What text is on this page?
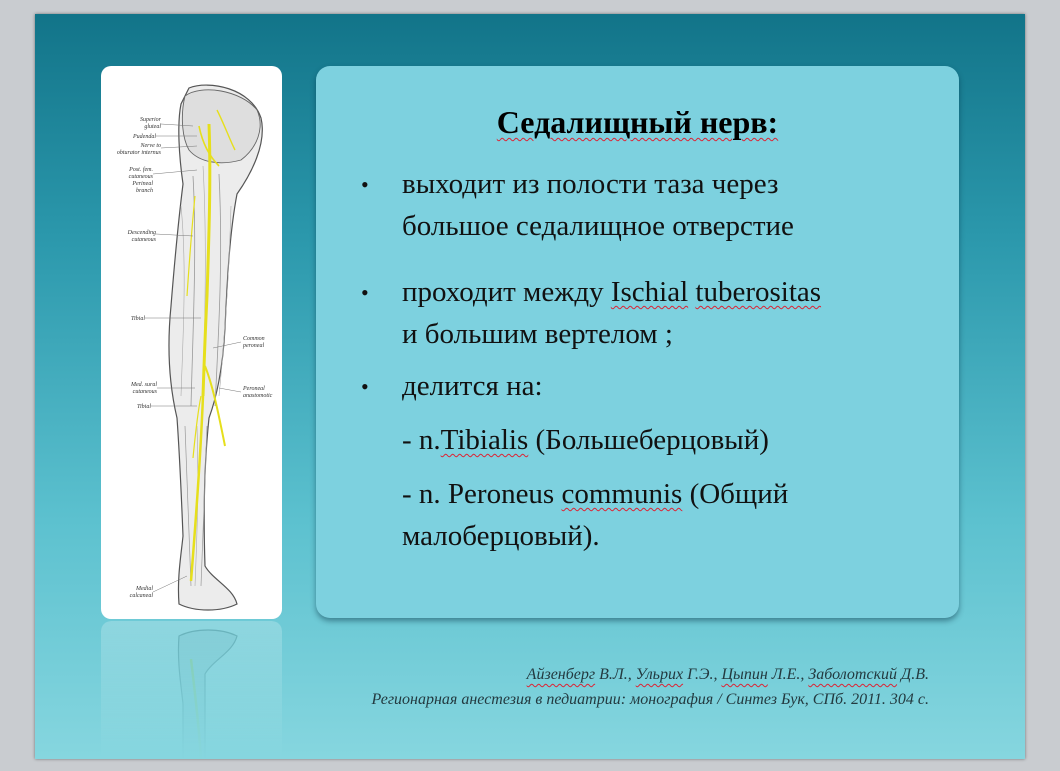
Superior
gluteal
Pudendal
Nerve to
obturator internus
Post. fem.
cutaneous
Perineal
branch
Descending
cutaneous
Tibial
Common
peroneal
Med. sural
cutaneous	Peroneal
anastomotic
Tibial
Medial
calcaneal
Седалищный нерв:
• выходит из полости таза через
большое седалищное отверстие
• проходит между Ischial tuberositas
и большим вертелом ;
• делится на:
- n.Tibialis (Большеберцовый)
- n. Peroneus communis (Общий
малоберцовый).
Айзенберг В.Л., Ульрих Г.Э., Цыпин Л.Е., Заболотский Д.В.
Регионарная анестезия в педиатрии: монография / Синтез Бук, СПб. 2011. 304 с.
